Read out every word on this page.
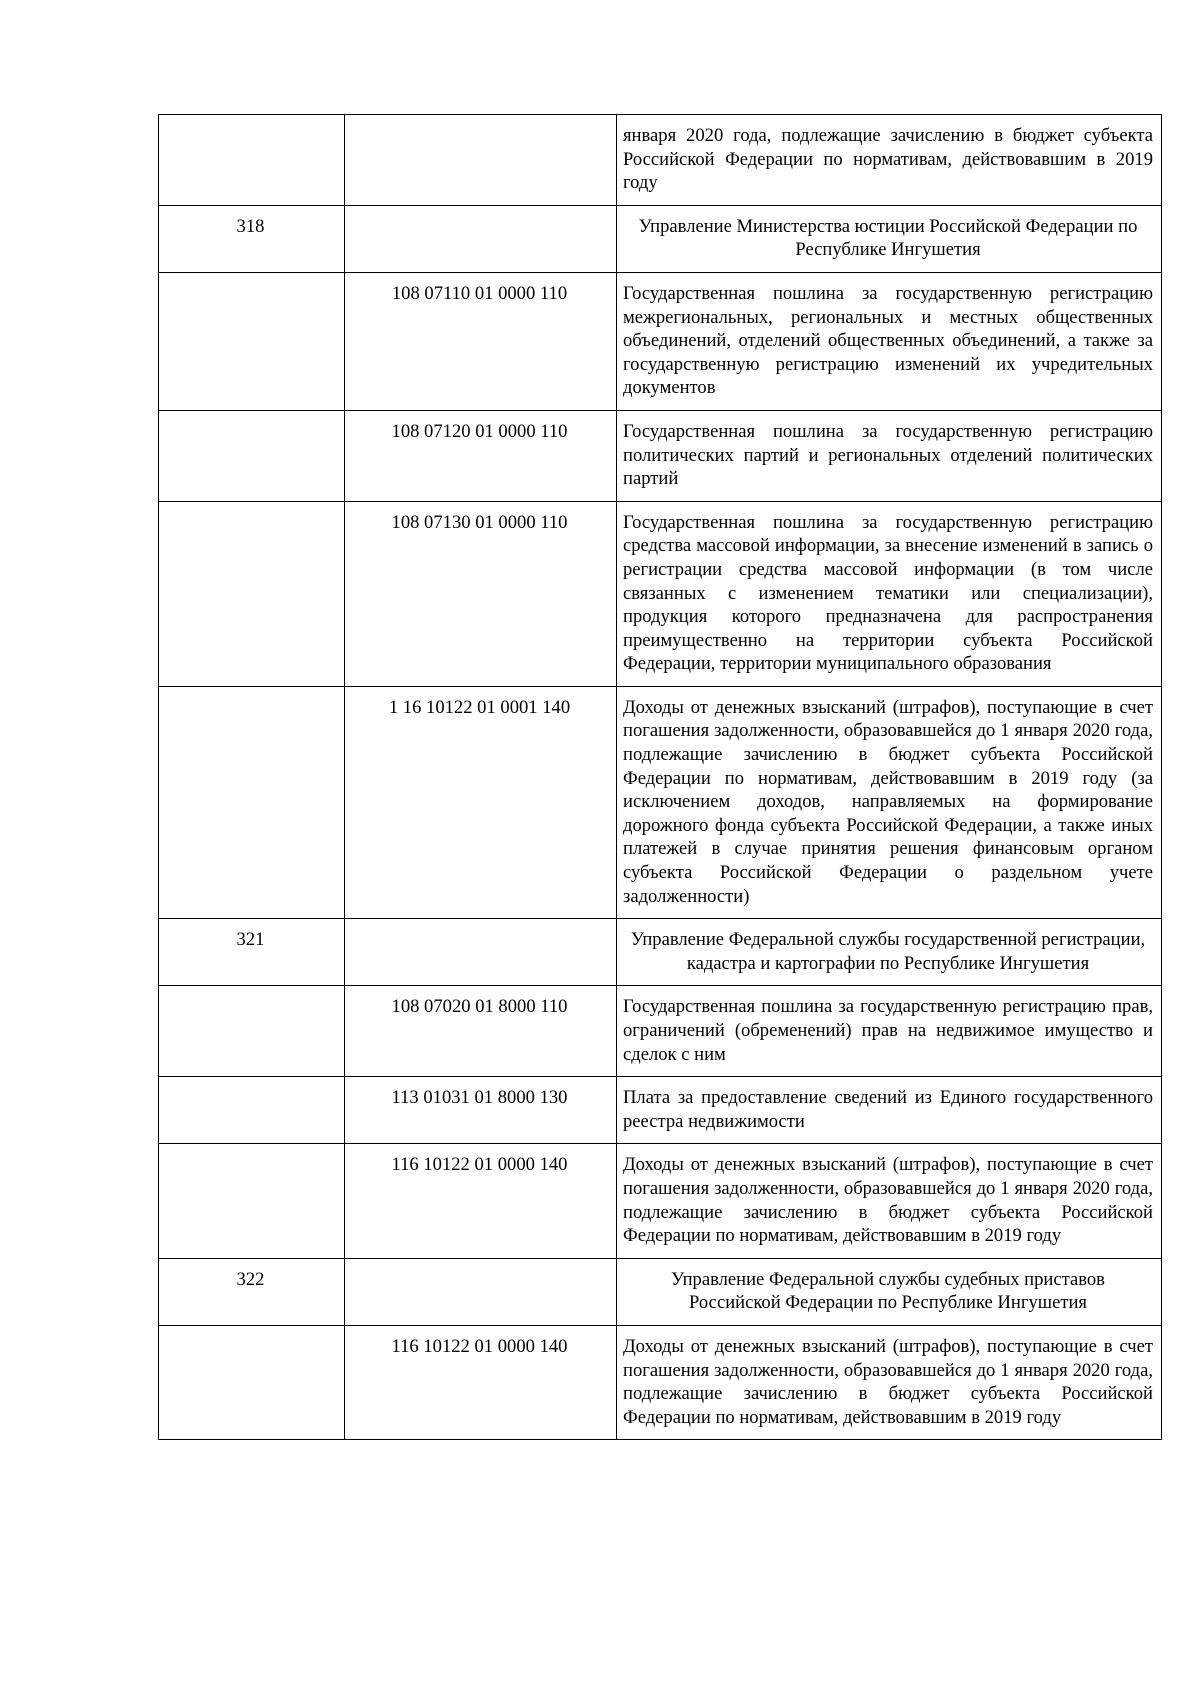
		января 2020 года, подлежащие зачислению в бюджет субъекта Российской Федерации по нормативам, действовавшим в 2019 году
318		Управление Министерства юстиции Российской Федерации по Республике Ингушетия
	108 07110 01 0000 110	Государственная пошлина за государственную регистрацию межрегиональных, региональных и местных общественных объединений, отделений общественных объединений, а также за государственную регистрацию изменений их учредительных документов
	108 07120 01 0000 110	Государственная пошлина за государственную регистрацию политических партий и региональных отделений политических партий
	108 07130 01 0000 110	Государственная пошлина за государственную регистрацию средства массовой информации, за внесение изменений в запись о регистрации средства массовой информации (в том числе связанных с изменением тематики или специализации), продукция которого предназначена для распространения преимущественно на территории субъекта Российской Федерации, территории муниципального образования
	1 16 10122 01 0001 140	Доходы от денежных взысканий (штрафов), поступающие в счет погашения задолженности, образовавшейся до 1 января 2020 года, подлежащие зачислению в бюджет субъекта Российской Федерации по нормативам, действовавшим в 2019 году (за исключением доходов, направляемых на формирование дорожного фонда субъекта Российской Федерации, а также иных платежей в случае принятия решения финансовым органом субъекта Российской Федерации о раздельном учете задолженности)
321		Управление Федеральной службы государственной регистрации, кадастра и картографии по Республике Ингушетия
	108 07020 01 8000 110	Государственная пошлина за государственную регистрацию прав, ограничений (обременений) прав на недвижимое имущество и сделок с ним
	113 01031 01 8000 130	Плата за предоставление сведений из Единого государственного реестра недвижимости
	116 10122 01 0000 140	Доходы от денежных взысканий (штрафов), поступающие в счет погашения задолженности, образовавшейся до 1 января 2020 года, подлежащие зачислению в бюджет субъекта Российской Федерации по нормативам, действовавшим в 2019 году
322		Управление Федеральной службы судебных приставов Российской Федерации по Республике Ингушетия
	116 10122 01 0000 140	Доходы от денежных взысканий (штрафов), поступающие в счет погашения задолженности, образовавшейся до 1 января 2020 года, подлежащие зачислению в бюджет субъекта Российской Федерации по нормативам, действовавшим в 2019 году
